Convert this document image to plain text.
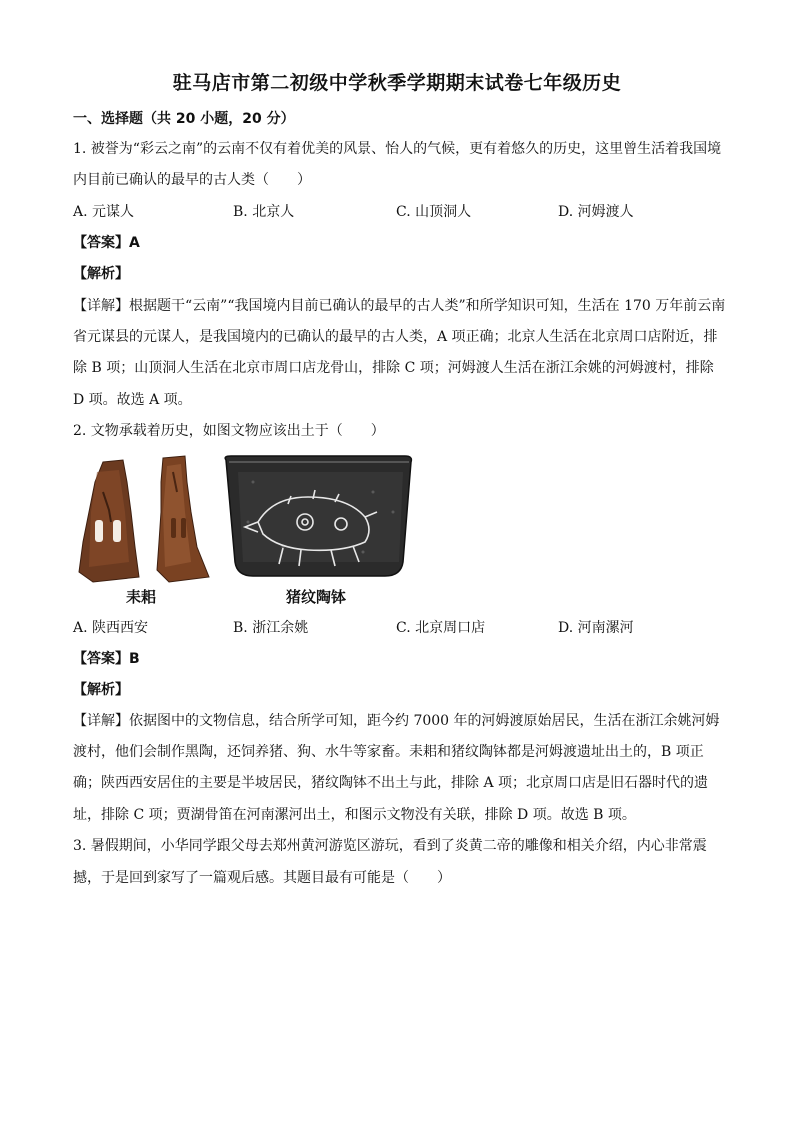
驻马店市第二初级中学秋季学期期末试卷七年级历史
一、选择题（共 20 小题，20 分）
1. 被誉为“彩云之南”的云南不仅有着优美的风景、怡人的气候，更有着悠久的历史，这里曾生活着我国境
内目前已确认的最早的古人类（　　）
A. 元谋人	B. 北京人	C. 山顶洞人	D. 河姆渡人
【答案】A
【解析】
【详解】根据题干“云南”“我国境内目前已确认的最早的古人类”和所学知识可知，生活在 170 万年前云南
省元谋县的元谋人，是我国境内的已确认的最早的古人类，A 项正确；北京人生活在北京周口店附近，排
除 B 项；山顶洞人生活在北京市周口店龙骨山，排除 C 项；河姆渡人生活在浙江余姚的河姆渡村，排除
D 项。故选 A 项。
2. 文物承载着历史，如图文物应该出土于（　　）
耒耜	猪纹陶钵
A. 陕西西安	B. 浙江余姚	C. 北京周口店	D. 河南漯河
【答案】B
【解析】
【详解】依据图中的文物信息，结合所学可知，距今约 7000 年的河姆渡原始居民，生活在浙江余姚河姆
渡村，他们会制作黑陶，还饲养猪、狗、水牛等家畜。耒耜和猪纹陶钵都是河姆渡遗址出土的，B 项正
确；陕西西安居住的主要是半坡居民，猪纹陶钵不出土与此，排除 A 项；北京周口店是旧石器时代的遗
址，排除 C 项；贾湖骨笛在河南漯河出土，和图示文物没有关联，排除 D 项。故选 B 项。
3. 暑假期间，小华同学跟父母去郑州黄河游览区游玩，看到了炎黄二帝的雕像和相关介绍，内心非常震
撼，于是回到家写了一篇观后感。其题目最有可能是（　　）
